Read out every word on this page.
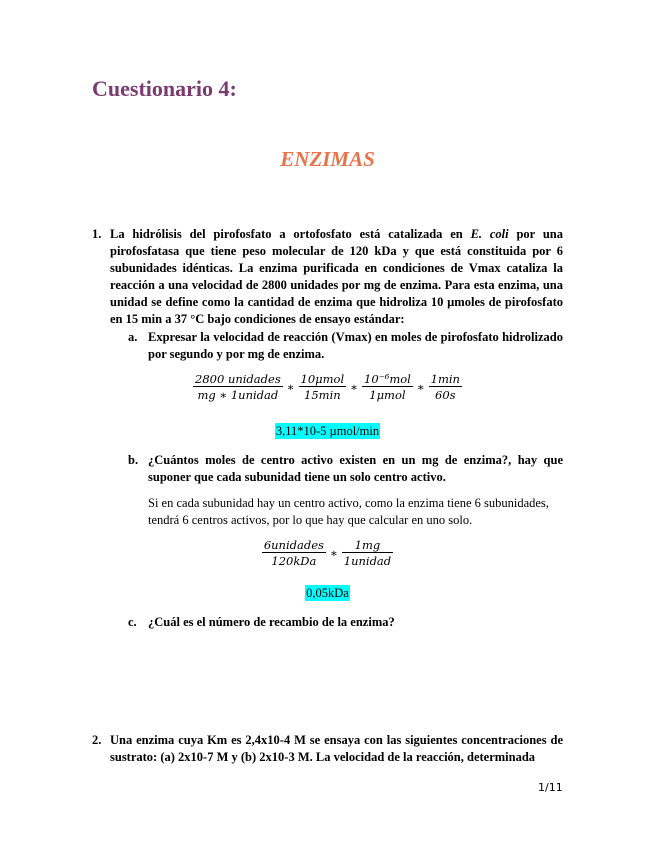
Cuestionario 4:
ENZIMAS
1. La hidrólisis del pirofosfato a ortofosfato está catalizada en E. coli por una pirofosfatasa que tiene peso molecular de 120 kDa y que está constituida por 6 subunidades idénticas. La enzima purificada en condiciones de Vmax cataliza la reacción a una velocidad de 2800 unidades por mg de enzima. Para esta enzima, una unidad se define como la cantidad de enzima que hidroliza 10 µmoles de pirofosfato en 15 min a 37 °C bajo condiciones de ensayo estándar:
a. Expresar la velocidad de reacción (Vmax) en moles de pirofosfato hidrolizado por segundo y por mg de enzima.
$\frac{\text{2800 unidades}}{\text{mg ∗ 1unidad}}$ ∗ $\frac{\text{10μmol}}{15\min}$ ∗ $\frac{\text{10⁻⁶mol}}{\text{1μmol}}$ ∗ $\frac{1\min}{60s}$
3,11*10-5 µmol/min
b. ¿Cuántos moles de centro activo existen en un mg de enzima?, hay que suponer que cada subunidad tiene un solo centro activo.
Si en cada subunidad hay un centro activo, como la enzima tiene 6 subunidades, tendrá 6 centros activos, por lo que hay que calcular en uno solo.
$\frac{\text{6unidades}}{\text{120kDa}}$ ∗ $\frac{1mg}{\text{1unidad}}$
0,05kDa
c. ¿Cuál es el número de recambio de la enzima?
2. Una enzima cuya Km es 2,4x10-4 M se ensaya con las siguientes concentraciones de sustrato: (a) 2x10-7 M y (b) 2x10-3 M. La velocidad de la reacción, determinada
1/11
